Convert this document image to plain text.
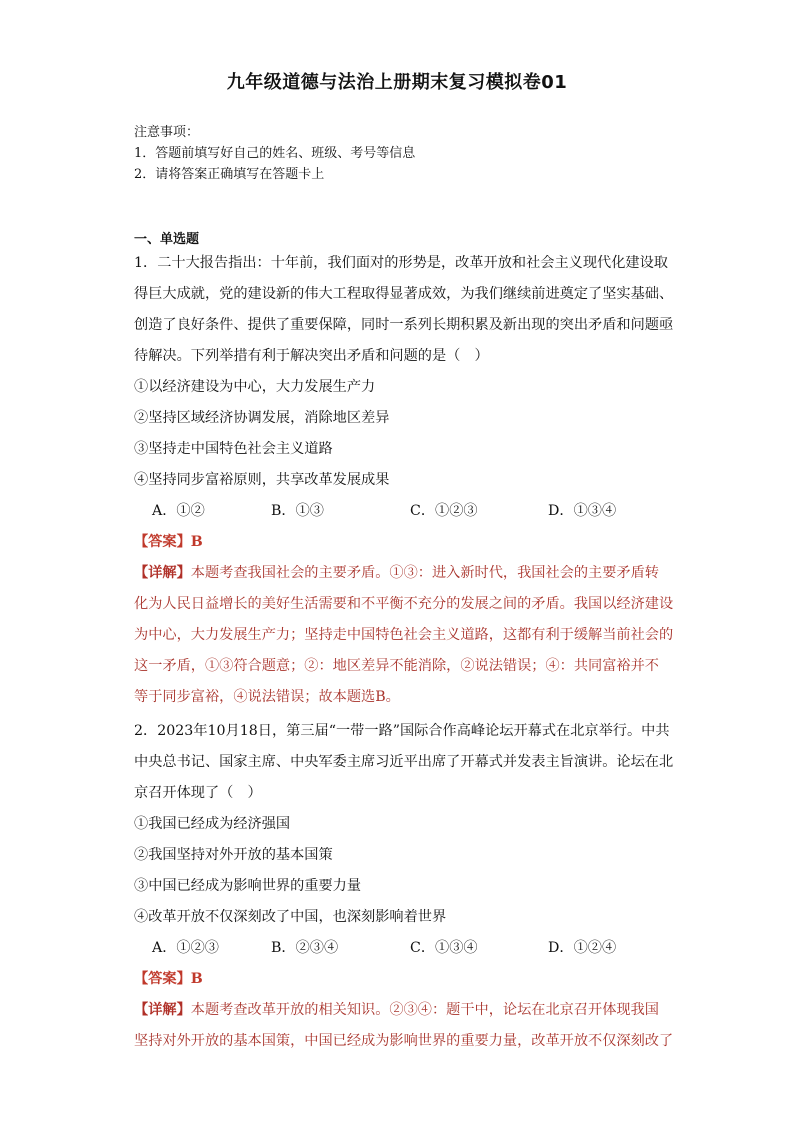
九年级道德与法治上册期末复习模拟卷01
注意事项：
1．答题前填写好自己的姓名、班级、考号等信息
2．请将答案正确填写在答题卡上
一、单选题
1．二十大报告指出：十年前，我们面对的形势是，改革开放和社会主义现代化建设取
得巨大成就，党的建设新的伟大工程取得显著成效，为我们继续前进奠定了坚实基础、
创造了良好条件、提供了重要保障，同时一系列长期积累及新出现的突出矛盾和问题亟
待解决。下列举措有利于解决突出矛盾和问题的是（　）
①以经济建设为中心，大力发展生产力
②坚持区域经济协调发展，消除地区差异
③坚持走中国特色社会主义道路
④坚持同步富裕原则，共享改革发展成果
A．①②	B．①③	C．①②③	D．①③④
【答案】B
【详解】本题考查我国社会的主要矛盾。①③：进入新时代，我国社会的主要矛盾转
化为人民日益增长的美好生活需要和不平衡不充分的发展之间的矛盾。我国以经济建设
为中心，大力发展生产力；坚持走中国特色社会主义道路，这都有利于缓解当前社会的
这一矛盾，①③符合题意；②：地区差异不能消除，②说法错误；④：共同富裕并不
等于同步富裕，④说法错误；故本题选B。
2．2023年10月18日，第三届“一带一路”国际合作高峰论坛开幕式在北京举行。中共
中央总书记、国家主席、中央军委主席习近平出席了开幕式并发表主旨演讲。论坛在北
京召开体现了（　）
①我国已经成为经济强国
②我国坚持对外开放的基本国策
③中国已经成为影响世界的重要力量
④改革开放不仅深刻改了中国，也深刻影响着世界
A．①②③	B．②③④	C．①③④	D．①②④
【答案】B
【详解】本题考查改革开放的相关知识。②③④：题干中，论坛在北京召开体现我国
坚持对外开放的基本国策，中国已经成为影响世界的重要力量，改革开放不仅深刻改了
